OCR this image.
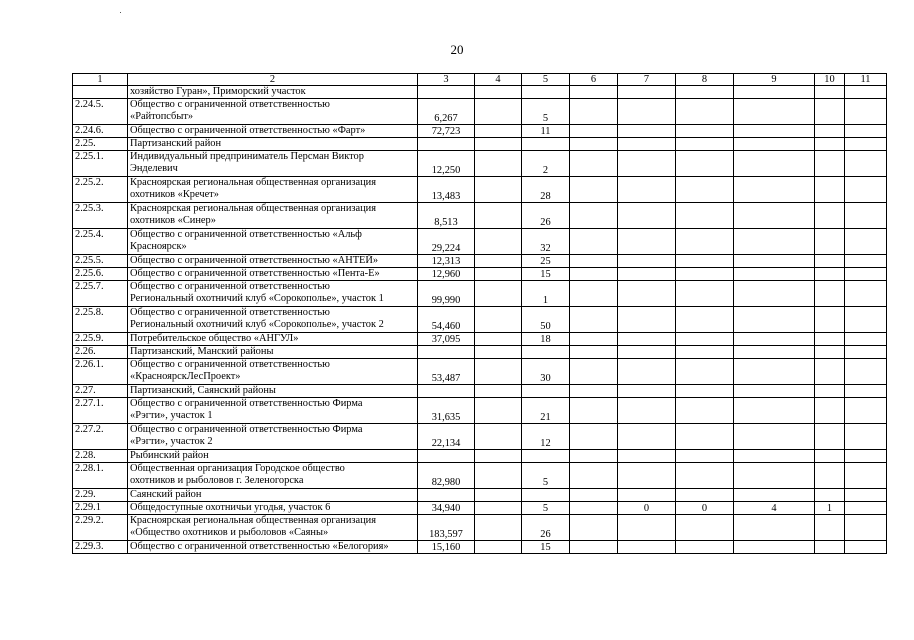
20
1	2	3	4	5	6	7	8	9	10	11

	хозяйство Гуран», Приморский участок									

2.24.5.	Общество с ограниченной ответственностью
«Райтопсбыт»	6,267		5						
2.24.6.	Общество с ограниченной ответственностью «Фарт»	72,723		11						
2.25.	Партизанский район									

2.25.1.	Индивидуальный предприниматель Персман Виктор
Энделевич	12,250		2						
2.25.2.	Красноярская региональная общественная организация
охотников «Кречет»	13,483		28						
2.25.3.	Красноярская региональная общественная организация
охотников «Синер»	8,513		26						
2.25.4.	Общество с ограниченной ответственностью «Альф
Красноярск»	29,224		32						
2.25.5.	Общество с ограниченной ответственностью «АНТЕЙ»	12,313		25						
2.25.6.	Общество с ограниченной ответственностью «Пента-Е»	12,960		15						
2.25.7.	Общество с ограниченной ответственностью
Региональный охотничий клуб «Сорокополье», участок 1	99,990		1						
2.25.8.	Общество с ограниченной ответственностью
Региональный охотничий клуб «Сорокополье», участок 2	54,460		50						
2.25.9.	Потребительское общество «АНГУЛ»	37,095		18						
2.26.	Партизанский, Манский районы									

2.26.1.	Общество с ограниченной ответственностью
«КрасноярскЛесПроект»	53,487		30						
2.27.	Партизанский, Саянский районы									

2.27.1.	Общество с ограниченной ответственностью Фирма
«Рэгти», участок 1	31,635		21						
2.27.2.	Общество с ограниченной ответственностью Фирма
«Рэгти», участок 2	22,134		12						
2.28.	Рыбинский район									

2.28.1.	Общественная организация Городское общество
охотников и рыболовов г. Зеленогорска	82,980		5						
2.29.	Саянский район									

2.29.1	Общедоступные охотничьи угодья, участок 6	34,940		5		0	0	4	1	
2.29.2.	Красноярская региональная общественная организация
«Общество охотников и рыболовов «Саяны»	183,597		26						
2.29.3.	Общество с ограниченной ответственностью «Белогория»	15,160		15						
